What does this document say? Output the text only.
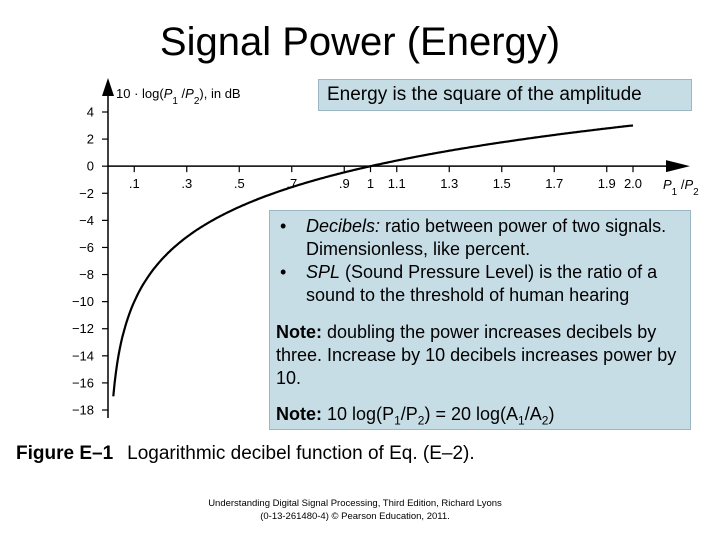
Signal Power (Energy)
4
2
0
−2
−4
−6
−8
−10
−12
−14
−16
−18
.1	.3	.5	.7	.9 1 1.1	1.3	1.5	1.7	1.9 2.0
$10 \cdot \log(P_1$ $/P_2$), in dB
$P_1$ $/P_2$
Energy is the square of the amplitude
•	Decibels: ratio between power of two signals. Dimensionless, like percent.
•	SPL (Sound Pressure Level) is the ratio of a sound to the threshold of human hearing
Note: doubling the power increases decibels by three. Increase by 10 decibels increases power by 10.
Note: 10 $\log(P_1/P_2) = 20$ $\log(A_1/A_2)$
Figure E–1 Logarithmic decibel function of Eq. (E–2).
Understanding Digital Signal Processing, Third Edition, Richard Lyons
(0-13-261480-4) © Pearson Education, 2011.
